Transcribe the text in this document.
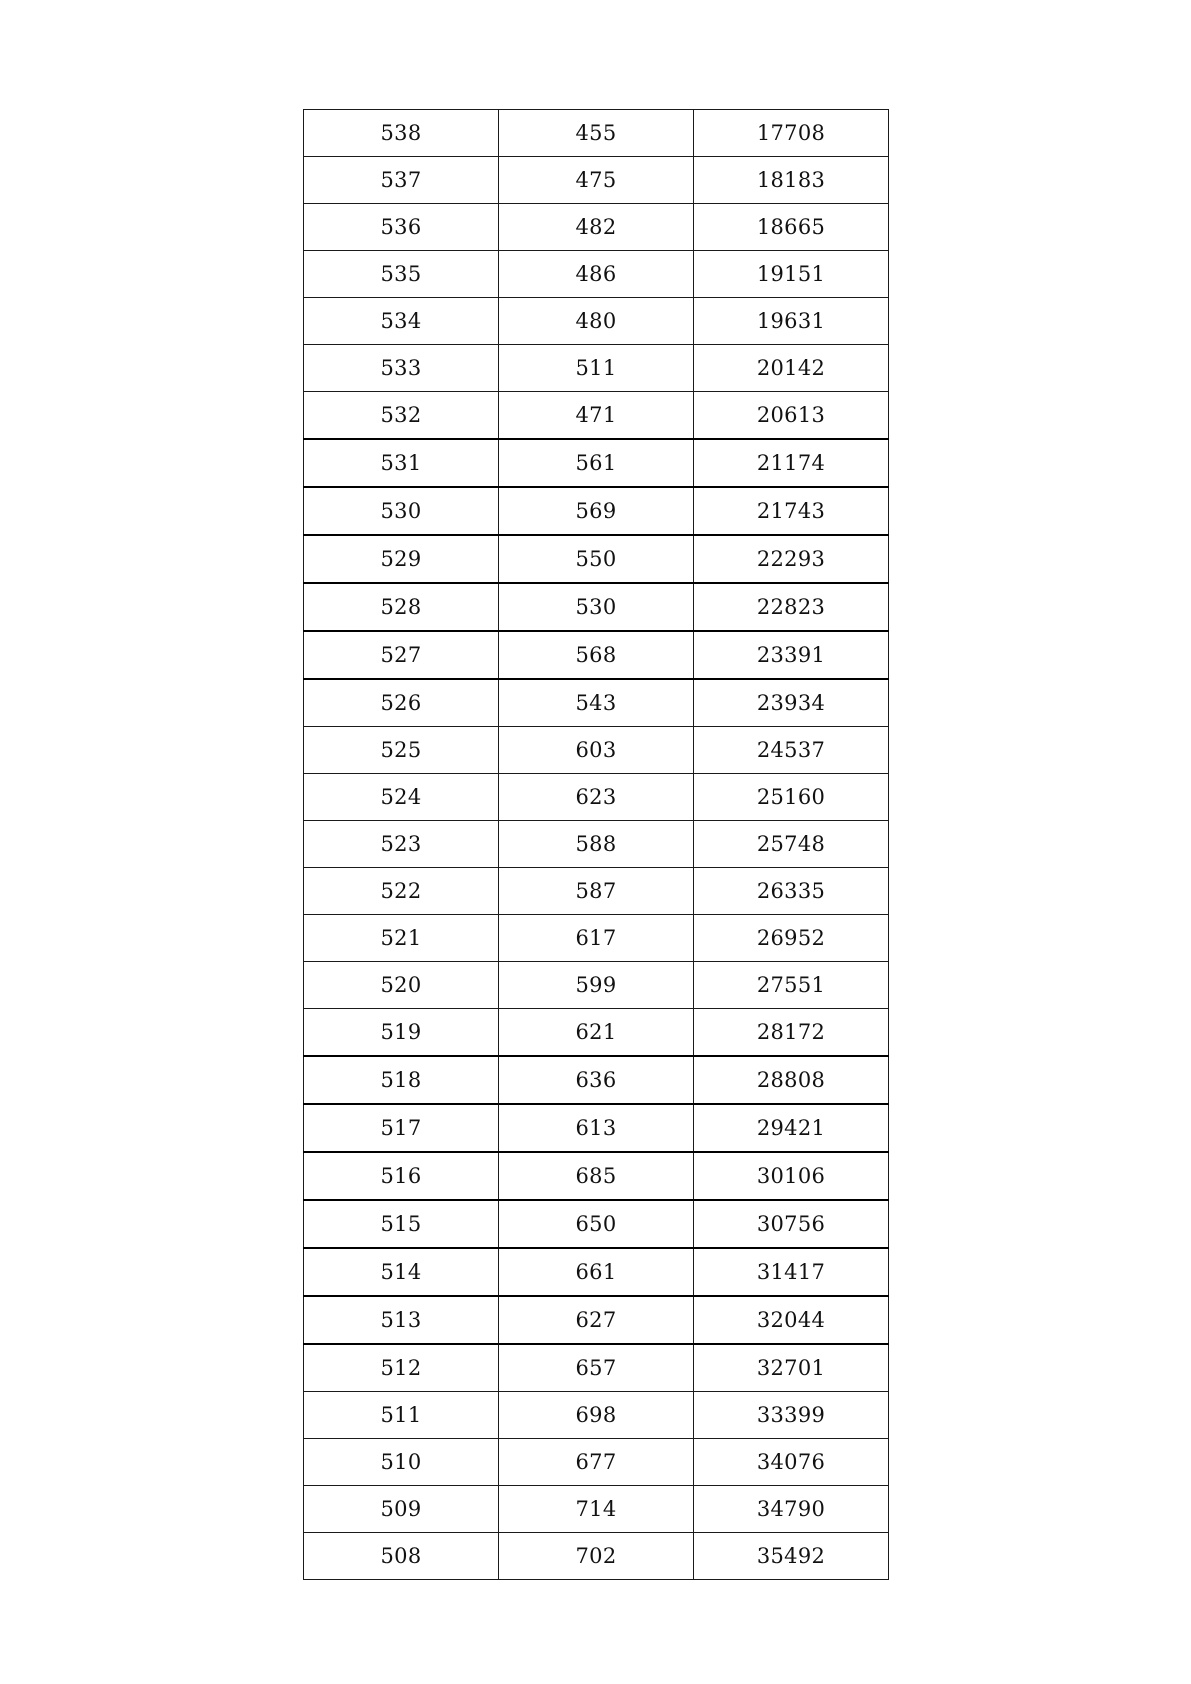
538	455	17708
537	475	18183
536	482	18665
535	486	19151
534	480	19631
533	511	20142
532	471	20613
531	561	21174
530	569	21743
529	550	22293
528	530	22823
527	568	23391
526	543	23934
525	603	24537
524	623	25160
523	588	25748
522	587	26335
521	617	26952
520	599	27551
519	621	28172
518	636	28808
517	613	29421
516	685	30106
515	650	30756
514	661	31417
513	627	32044
512	657	32701
511	698	33399
510	677	34076
509	714	34790
508	702	35492
